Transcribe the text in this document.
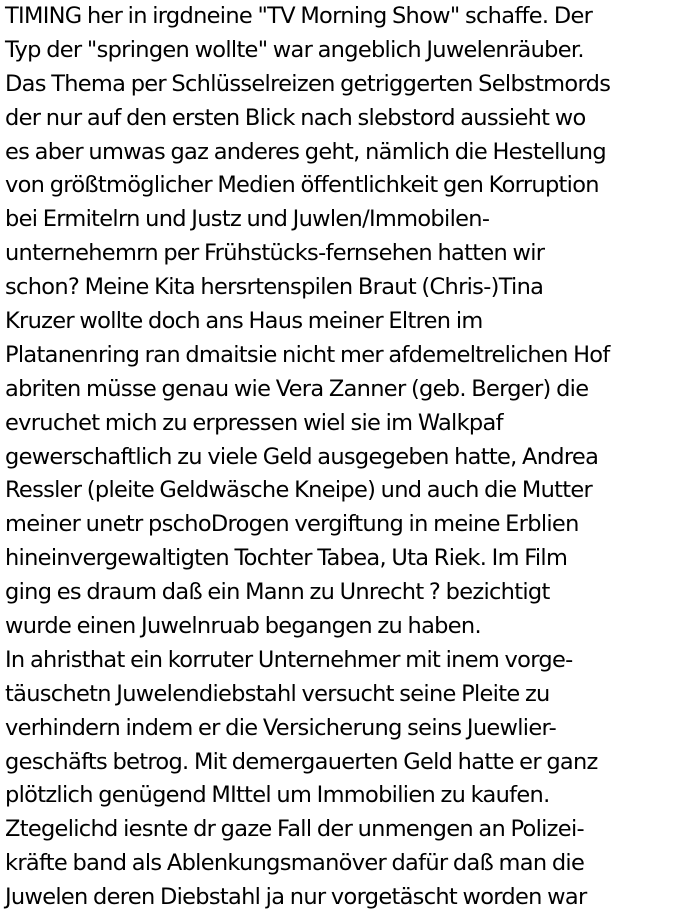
TIMING her in irgdneine "TV Morning Show" schaffe. Der
Typ der "springen wollte" war angeblich Juwelenräuber.
Das Thema per Schlüsselreizen getriggerten Selbstmords
der nur auf den ersten Blick nach slebstord aussieht wo
es aber umwas gaz anderes geht, nämlich die Hestellung
von größtmöglicher Medien öffentlichkeit gen Korruption
bei Ermitelrn und Justz und Juwlen/Immobilen-
unternehemrn per Frühstücks-fernsehen hatten wir
schon? Meine Kita hersrtenspilen Braut (Chris-)Tina
Kruzer wollte doch ans Haus meiner Eltren im
Platanenring ran dmaitsie nicht mer afdemeltrelichen Hof
abriten müsse genau wie Vera Zanner (geb. Berger) die
evruchet mich zu erpressen wiel sie im Walkpaf
gewerschaftlich zu viele Geld ausgegeben hatte, Andrea
Ressler (pleite Geldwäsche Kneipe) und auch die Mutter
meiner unetr pschoDrogen vergiftung in meine Erblien
hineinvergewaltigten Tochter Tabea, Uta Riek. Im Film
ging es draum daß ein Mann zu Unrecht ? bezichtigt
wurde einen Juwelnruab begangen zu haben.
In ahristhat ein korruter Unternehmer mit inem vorge-
täuschetn Juwelendiebstahl versucht seine Pleite zu
verhindern indem er die Versicherung seins Juewlier-
geschäfts betrog. Mit demergauerten Geld hatte er ganz
plötzlich genügend MIttel um Immobilien zu kaufen.
Ztegelichd iesnte dr gaze Fall der unmengen an Polizei-
kräfte band als Ablenkungsmanöver dafür daß man die
Juwelen deren Diebstahl ja nur vorgetäscht worden war
